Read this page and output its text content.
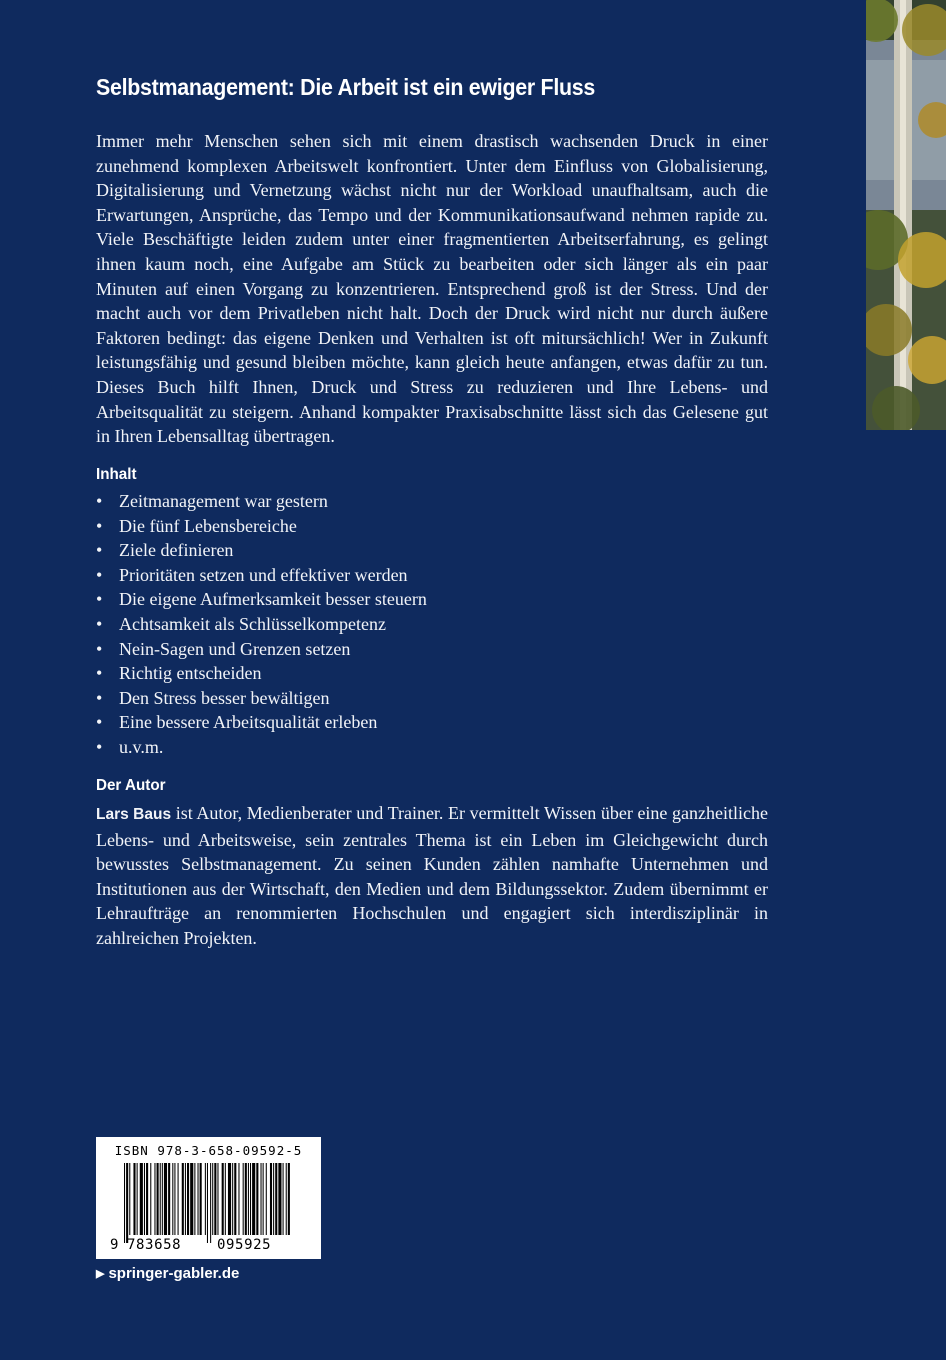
Selbstmanagement: Die Arbeit ist ein ewiger Fluss

Immer mehr Menschen sehen sich mit einem drastisch wachsenden Druck in einer zunehmend komplexen Arbeitswelt konfrontiert. Unter dem Einfluss von Globalisierung, Digitalisierung und Vernetzung wächst nicht nur der Workload unaufhaltsam, auch die Erwartungen, Ansprüche, das Tempo und der Kommunikationsaufwand nehmen rapide zu. Viele Beschäftigte leiden zudem unter einer fragmentierten Arbeitserfahrung, es gelingt ihnen kaum noch, eine Aufgabe am Stück zu bearbeiten oder sich länger als ein paar Minuten auf einen Vorgang zu konzentrieren. Entsprechend groß ist der Stress. Und der macht auch vor dem Privatleben nicht halt. Doch der Druck wird nicht nur durch äußere Faktoren bedingt: das eigene Denken und Verhalten ist oft mitursächlich! Wer in Zukunft leistungsfähig und gesund bleiben möchte, kann gleich heute anfangen, etwas dafür zu tun. Dieses Buch hilft Ihnen, Druck und Stress zu reduzieren und Ihre Lebens- und Arbeitsqualität zu steigern. Anhand kompakter Praxisabschnitte lässt sich das Gelesene gut in Ihren Lebensalltag übertragen.

Inhalt
• Zeitmanagement war gestern
• Die fünf Lebensbereiche
• Ziele definieren
• Prioritäten setzen und effektiver werden
• Die eigene Aufmerksamkeit besser steuern
• Achtsamkeit als Schlüsselkompetenz
• Nein-Sagen und Grenzen setzen
• Richtig entscheiden
• Den Stress besser bewältigen
• Eine bessere Arbeitsqualität erleben
• u.v.m.
Der Autor

Lars Baus ist Autor, Medienberater und Trainer. Er vermittelt Wissen über eine ganzheitliche Lebens- und Arbeitsweise, sein zentrales Thema ist ein Leben im Gleichgewicht durch bewusstes Selbstmanagement. Zu seinen Kunden zählen namhafte Unternehmen und Institutionen aus der Wirtschaft, den Medien und dem Bildungssektor. Zudem übernimmt er Lehraufträge an renommierten Hochschulen und engagiert sich interdisziplinär in zahlreichen Projekten.

ISBN 978-3-658-09592-5
9 783658	095925
▶ springer-gabler.de
